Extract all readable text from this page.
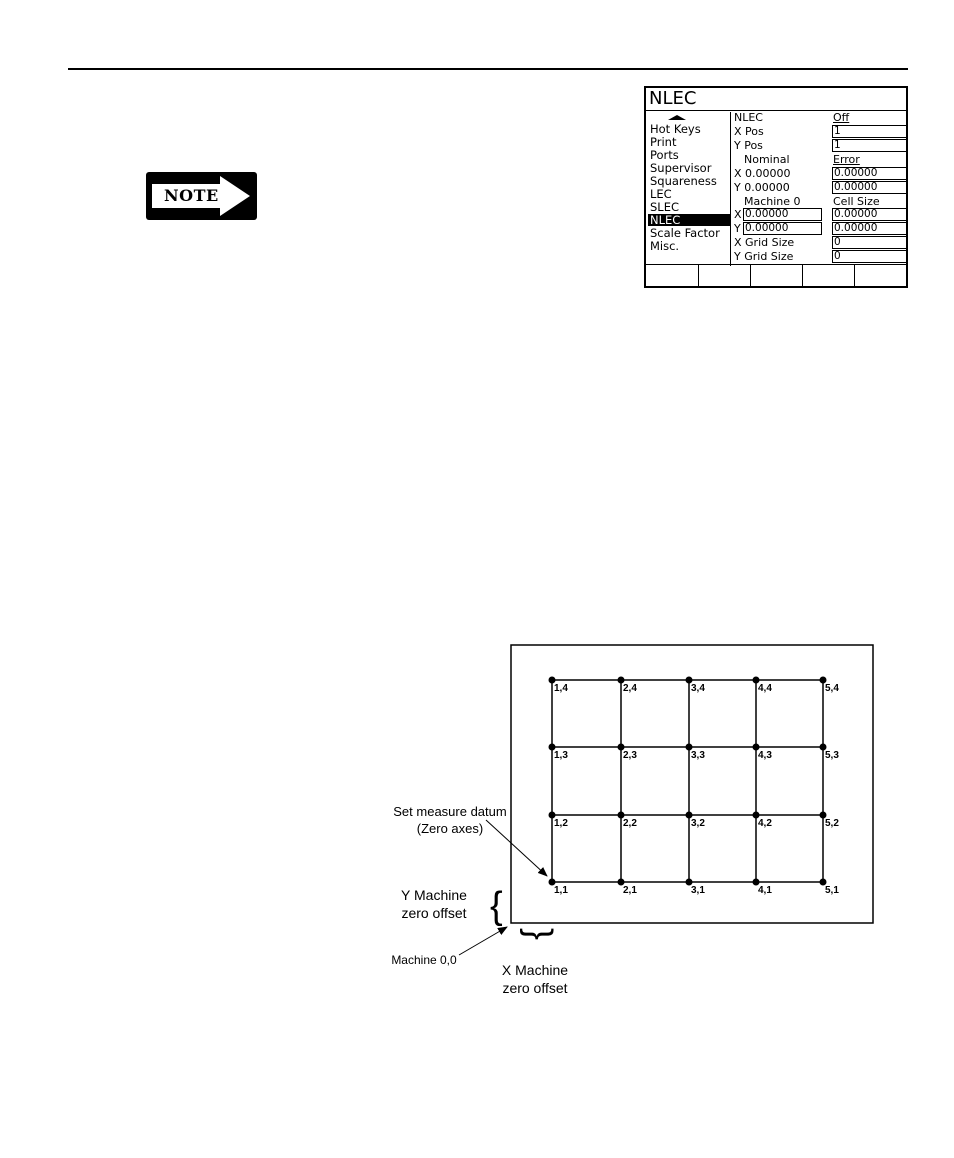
NOTE
NLEC
Hot Keys
Print
Ports
Supervisor
Squareness
LEC
SLEC
NLEC
Scale Factor
Misc.
NLEC	Off
X Pos	1
Y Pos	1
Nominal	Error
X 0.00000	0.00000
Y 0.00000	0.00000
Machine 0	Cell Size
X 0.00000	0.00000
Y 0.00000	0.00000
X Grid Size	0
Y Grid Size	0
1,1	2,1	3,1	4,1	5,1
1,2	2,2	3,2	4,2	5,2
1,3	2,3	3,3	4,3	5,3
1,4	2,4	3,4	4,4	5,4
{
{
Set measure datum
(Zero axes)
Y Machine
zero offset
Machine 0,0
X Machine
zero offset
